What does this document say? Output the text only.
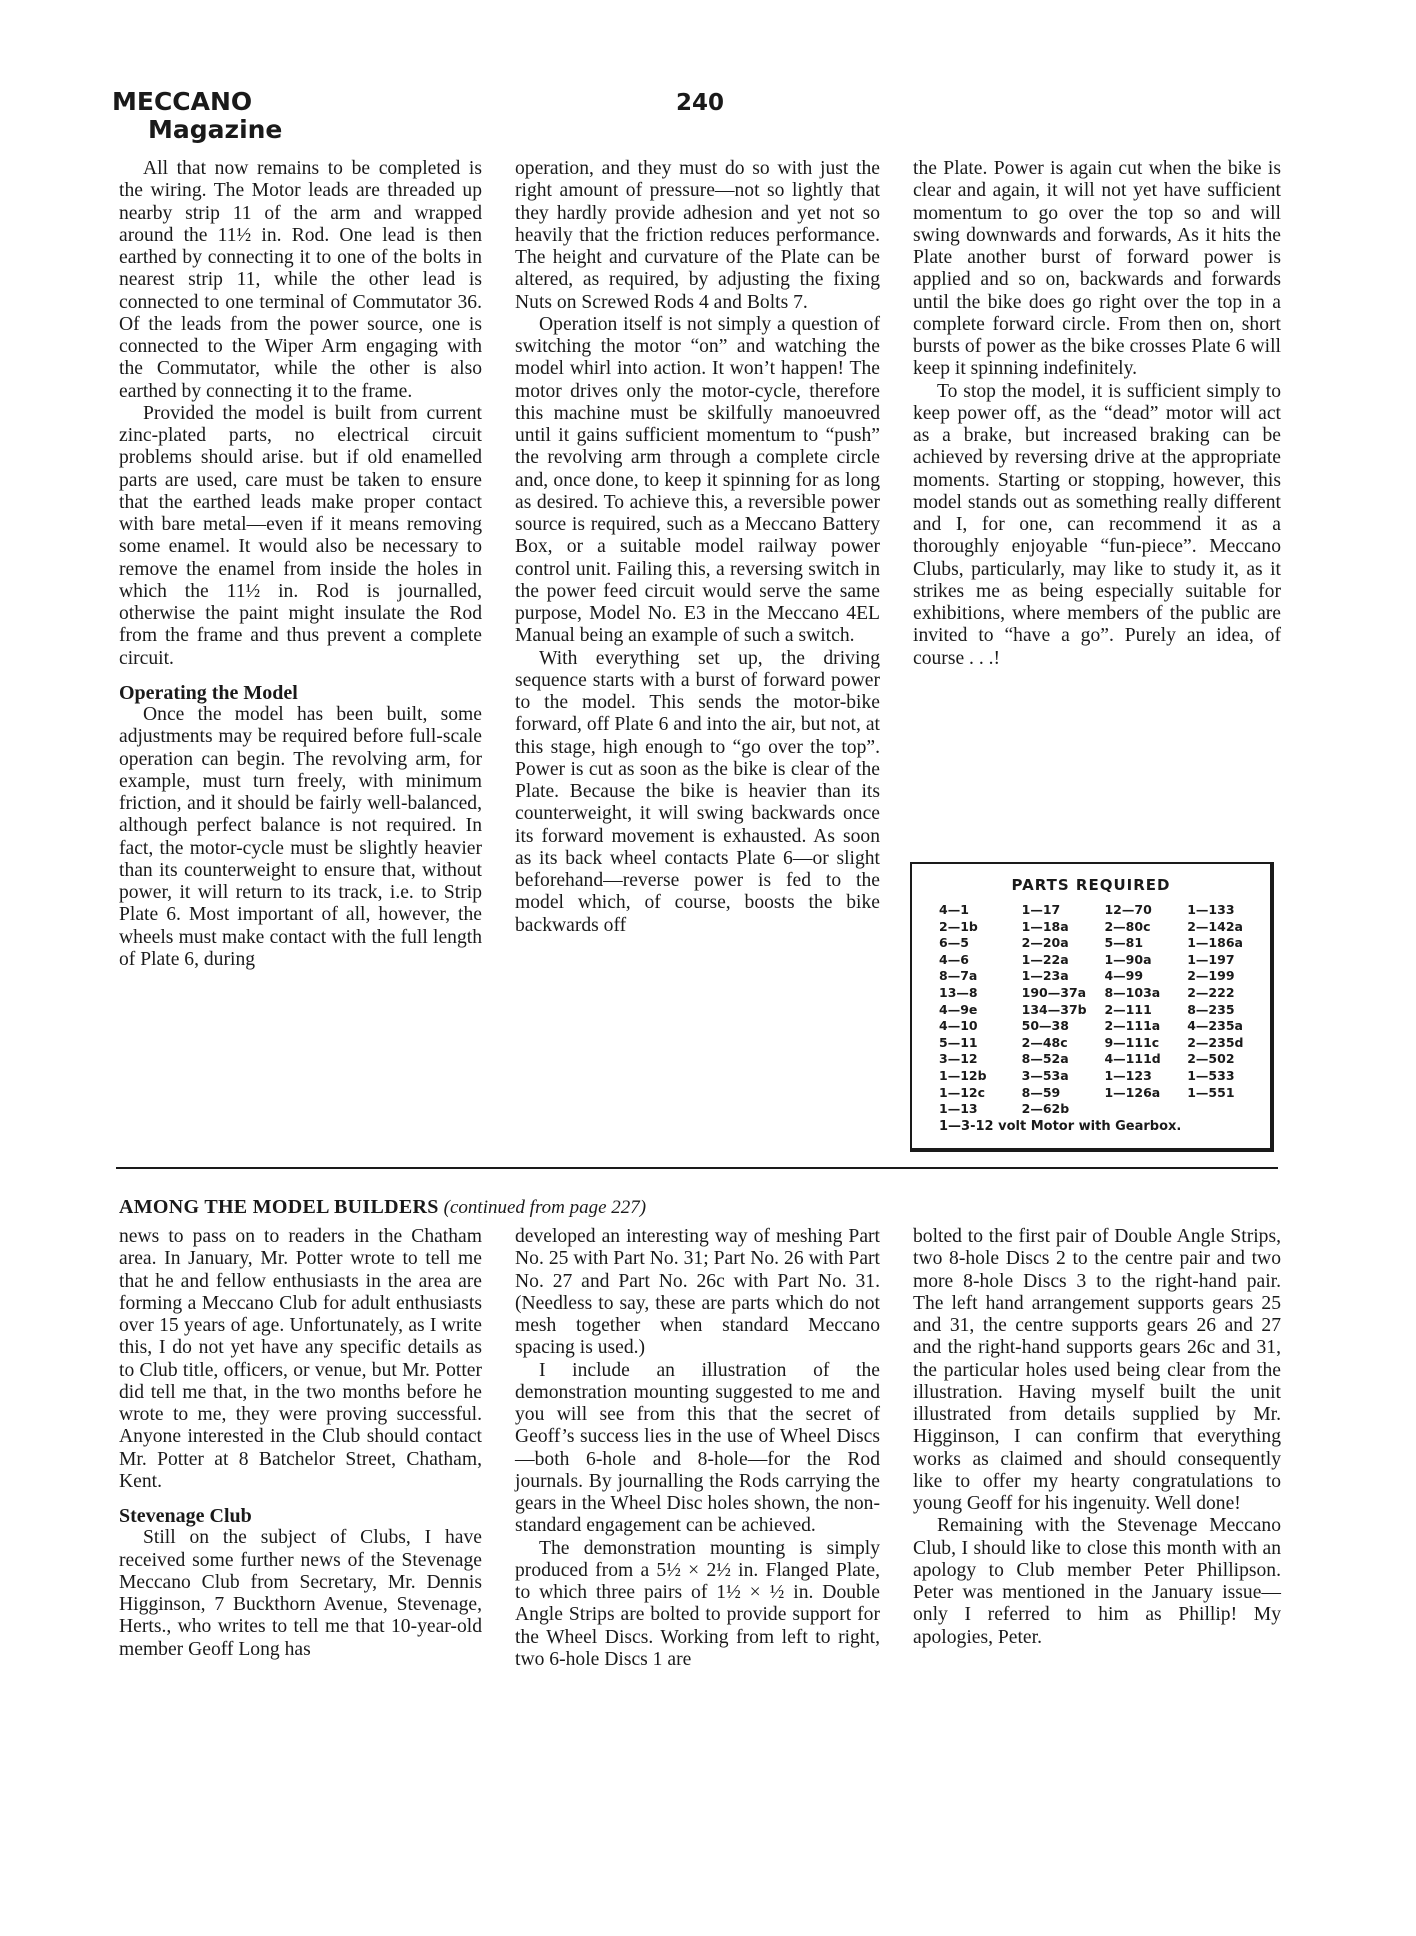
MECCANO
Magazine
240

All that now remains to be completed is the wiring. The Motor leads are threaded up nearby strip 11 of the arm and wrapped around the 11½ in. Rod. One lead is then earthed by connecting it to one of the bolts in nearest strip 11, while the other lead is connected to one terminal of Commutator 36. Of the leads from the power source, one is connected to the Wiper Arm engaging with the Commutator, while the other is also earthed by connecting it to the frame.

Provided the model is built from current zinc-plated parts, no electrical circuit problems should arise. but if old enamelled parts are used, care must be taken to ensure that the earthed leads make proper contact with bare metal—even if it means removing some enamel. It would also be necessary to remove the enamel from inside the holes in which the 11½ in. Rod is journalled, otherwise the paint might insulate the Rod from the frame and thus prevent a complete circuit.

Operating the Model

Once the model has been built, some adjustments may be required before full-scale operation can begin. The revolving arm, for example, must turn freely, with minimum friction, and it should be fairly well-balanced, although perfect balance is not required. In fact, the motor-cycle must be slightly heavier than its counterweight to ensure that, without power, it will return to its track, i.e. to Strip Plate 6. Most important of all, however, the wheels must make contact with the full length of Plate 6, during

operation, and they must do so with just the right amount of pressure—not so lightly that they hardly provide adhesion and yet not so heavily that the friction reduces performance. The height and curvature of the Plate can be altered, as required, by adjusting the fixing Nuts on Screwed Rods 4 and Bolts 7.

Operation itself is not simply a question of switching the motor “on” and watching the model whirl into action. It won’t happen! The motor drives only the motor-cycle, therefore this machine must be skilfully manoeuvred until it gains sufficient momentum to “push” the revolving arm through a complete circle and, once done, to keep it spinning for as long as desired. To achieve this, a reversible power source is required, such as a Meccano Battery Box, or a suitable model railway power control unit. Failing this, a reversing switch in the power feed circuit would serve the same purpose, Model No. E3 in the Meccano 4EL Manual being an example of such a switch.

With everything set up, the driving sequence starts with a burst of forward power to the model. This sends the motor-bike forward, off Plate 6 and into the air, but not, at this stage, high enough to “go over the top”. Power is cut as soon as the bike is clear of the Plate. Because the bike is heavier than its counterweight, it will swing backwards once its forward movement is exhausted. As soon as its back wheel contacts Plate 6—or slight beforehand—reverse power is fed to the model which, of course, boosts the bike backwards off

the Plate. Power is again cut when the bike is clear and again, it will not yet have sufficient momentum to go over the top so and will swing downwards and forwards, As it hits the Plate another burst of forward power is applied and so on, backwards and forwards until the bike does go right over the top in a complete forward circle. From then on, short bursts of power as the bike crosses Plate 6 will keep it spinning indefinitely.

To stop the model, it is sufficient simply to keep power off, as the “dead” motor will act as a brake, but increased braking can be achieved by reversing drive at the appropriate moments. Starting or stopping, however, this model stands out as something really different and I, for one, can recommend it as a thoroughly enjoyable “fun-piece”. Meccano Clubs, particularly, may like to study it, as it strikes me as being especially suitable for exhibitions, where members of the public are invited to “have a go”. Purely an idea, of course . . .!

PARTS REQUIRED
4—1	1—17	12—70	1—133
2—1b	1—18a	2—80c	2—142a
6—5	2—20a	5—81	1—186a
4—6	1—22a	1—90a	1—197
8—7a	1—23a	4—99	2—199
13—8	190—37a	8—103a	2—222
4—9e	134—37b	2—111	8—235
4—10	50—38	2—111a	4—235a
5—11	2—48c	9—111c	2—235d
3—12	8—52a	4—111d	2—502
1—12b	3—53a	1—123	1—533
1—12c	8—59	1—126a	1—551
1—13	2—62b		
1—3-12 volt Motor with Gearbox.
AMONG THE MODEL BUILDERS (continued from page 227)

news to pass on to readers in the Chatham area. In January, Mr. Potter wrote to tell me that he and fellow enthusiasts in the area are forming a Meccano Club for adult enthusiasts over 15 years of age. Unfortunately, as I write this, I do not yet have any specific details as to Club title, officers, or venue, but Mr. Potter did tell me that, in the two months before he wrote to me, they were proving successful. Anyone interested in the Club should contact Mr. Potter at 8 Batchelor Street, Chatham, Kent.

Stevenage Club

Still on the subject of Clubs, I have received some further news of the Stevenage Meccano Club from Secretary, Mr. Dennis Higginson, 7 Buckthorn Avenue, Stevenage, Herts., who writes to tell me that 10-year-old member Geoff Long has

developed an interesting way of meshing Part No. 25 with Part No. 31; Part No. 26 with Part No. 27 and Part No. 26c with Part No. 31. (Needless to say, these are parts which do not mesh together when standard Meccano spacing is used.)

I include an illustration of the demonstration mounting suggested to me and you will see from this that the secret of Geoff’s success lies in the use of Wheel Discs—both 6-hole and 8-hole—for the Rod journals. By journalling the Rods carrying the gears in the Wheel Disc holes shown, the non-standard engagement can be achieved.

The demonstration mounting is simply produced from a 5½ × 2½ in. Flanged Plate, to which three pairs of 1½ × ½ in. Double Angle Strips are bolted to provide support for the Wheel Discs. Working from left to right, two 6-hole Discs 1 are

bolted to the first pair of Double Angle Strips, two 8-hole Discs 2 to the centre pair and two more 8-hole Discs 3 to the right-hand pair. The left hand arrangement supports gears 25 and 31, the centre supports gears 26 and 27 and the right-hand supports gears 26c and 31, the particular holes used being clear from the illustration. Having myself built the unit illustrated from details supplied by Mr. Higginson, I can confirm that everything works as claimed and should consequently like to offer my hearty congratulations to young Geoff for his ingenuity. Well done!

Remaining with the Stevenage Meccano Club, I should like to close this month with an apology to Club member Peter Phillipson. Peter was mentioned in the January issue—only I referred to him as Phillip! My apologies, Peter.
